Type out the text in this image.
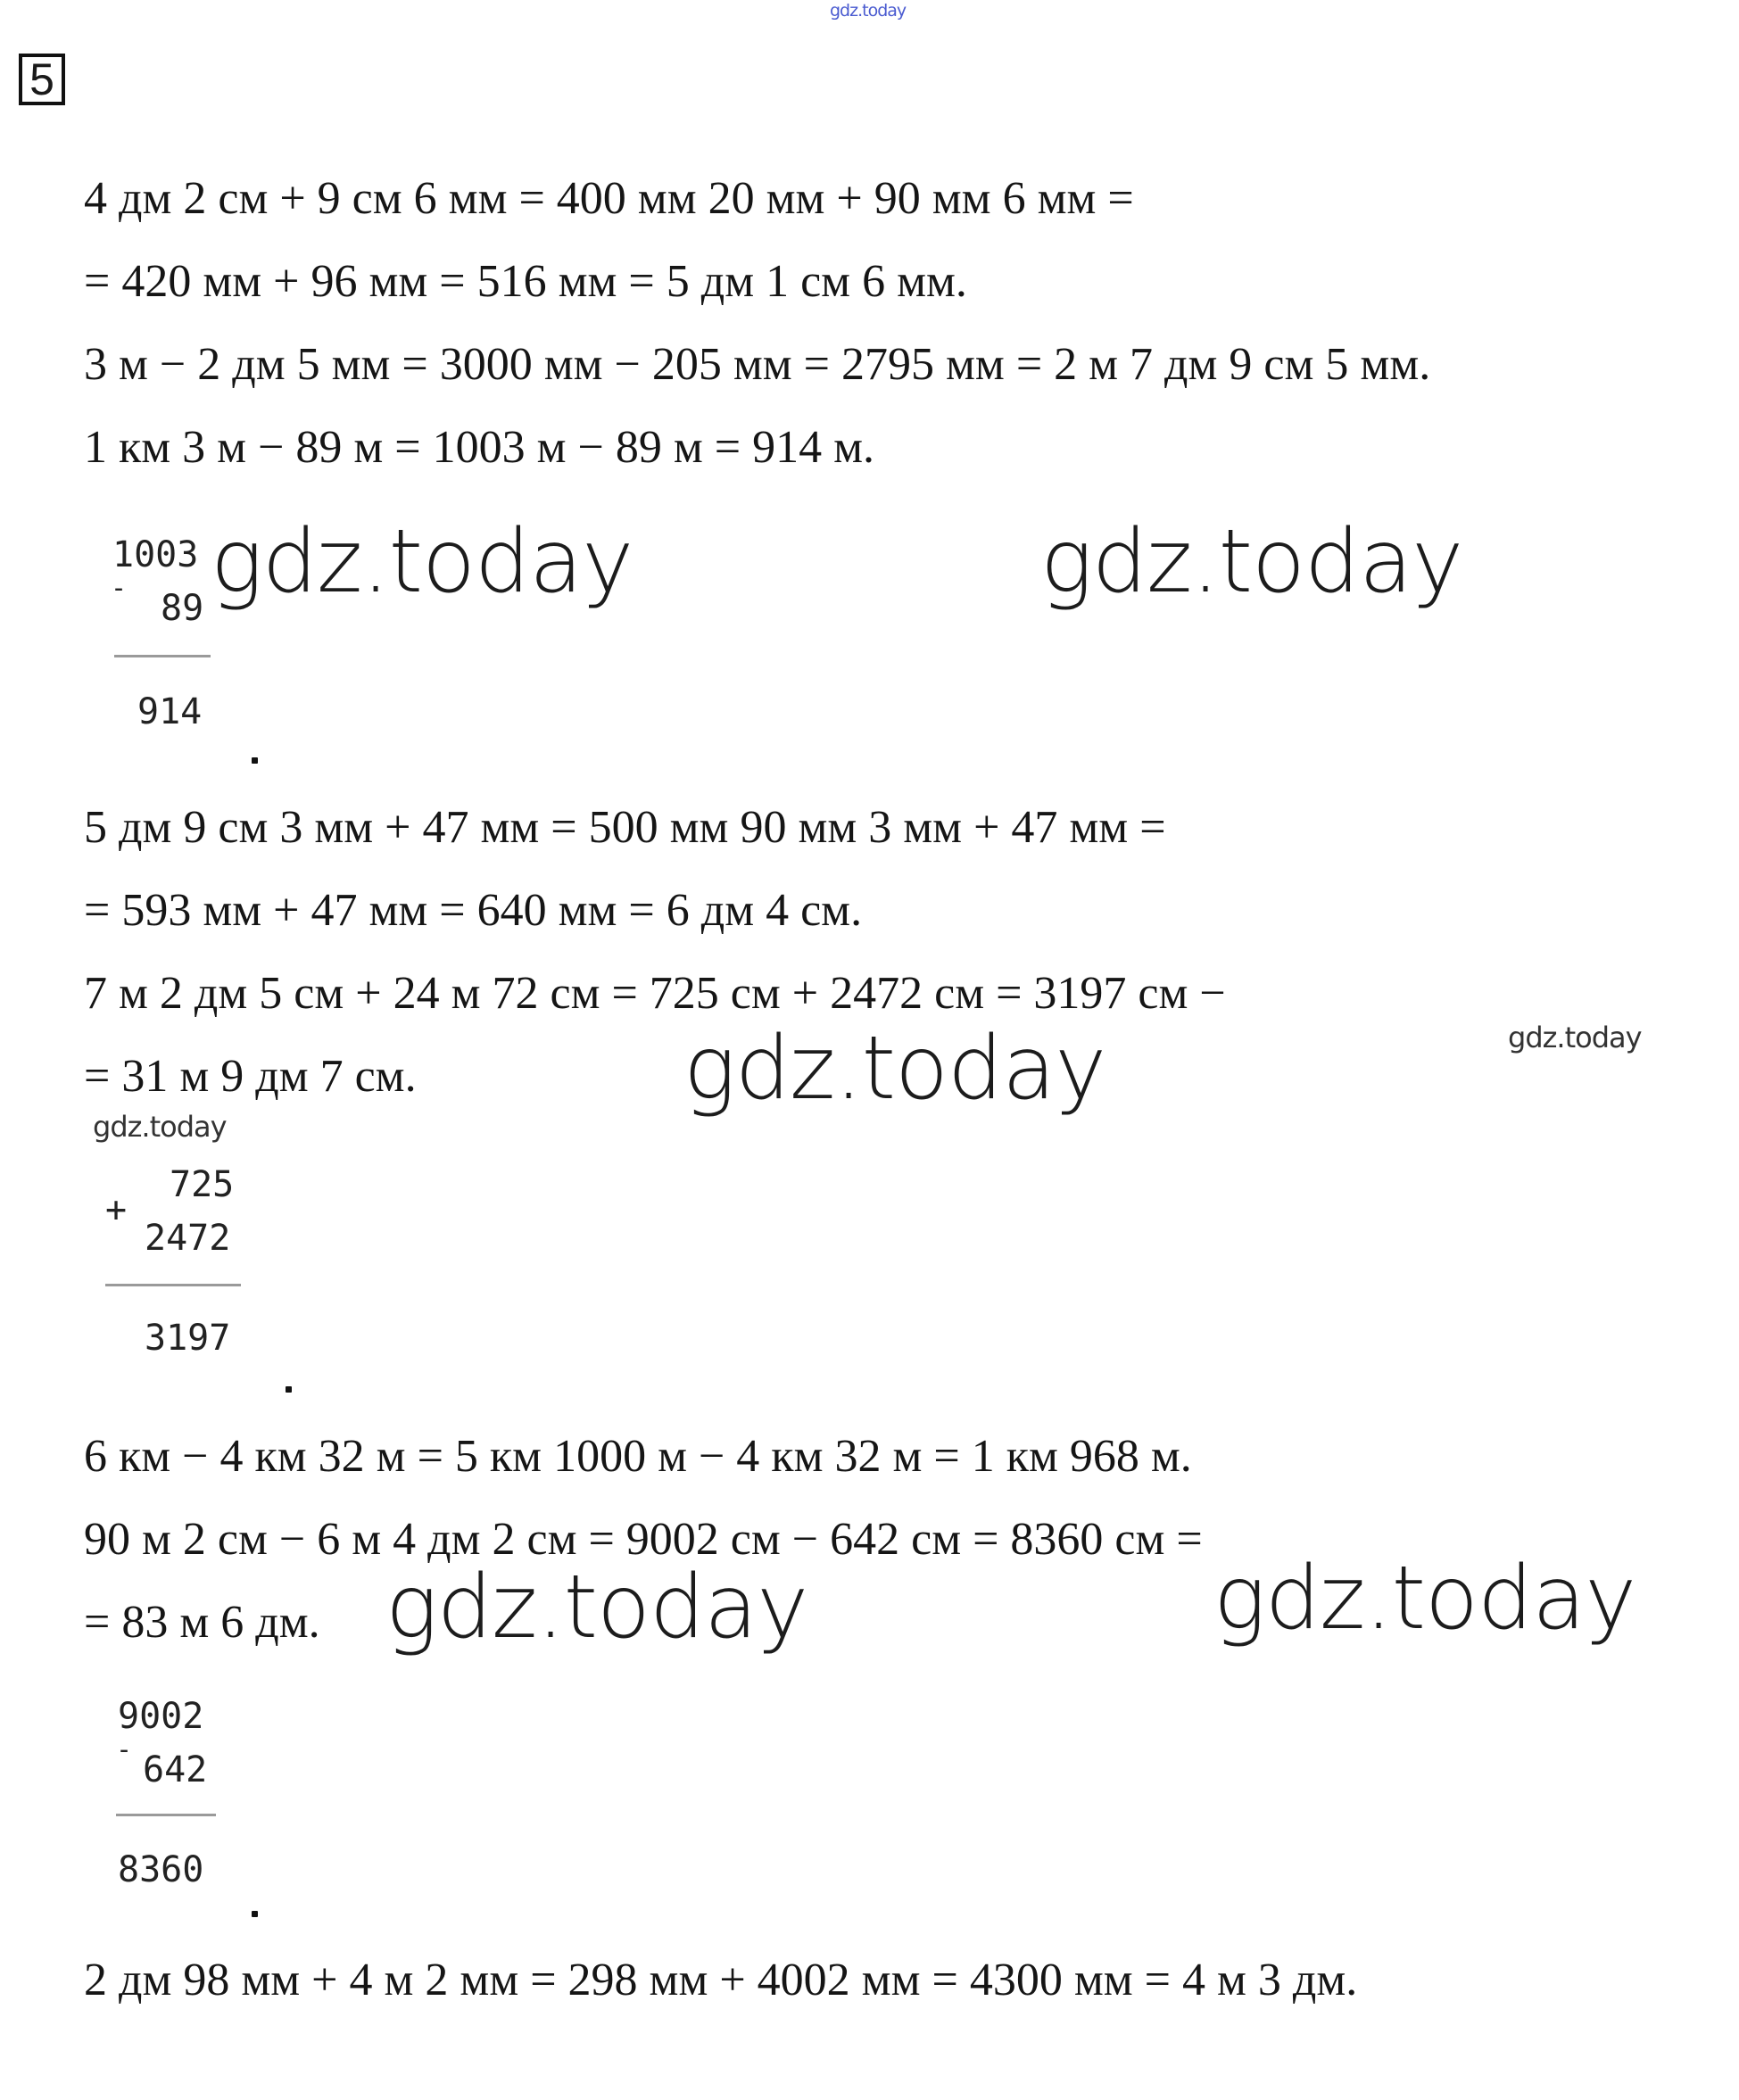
gdz.today
5
4 дм 2 см + 9 см 6 мм = 400 мм 20 мм + 90 мм 6 мм =
= 420 мм + 96 мм = 516 мм = 5 дм 1 см 6 мм.
3 м − 2 дм 5 мм = 3000 мм − 205 мм = 2795 мм = 2 м 7 дм 9 см 5 мм.
1 км 3 м − 89 м = 1003 м − 89 м = 914 м.
5 дм 9 см 3 мм + 47 мм = 500 мм 90 мм 3 мм + 47 мм =
= 593 мм + 47 мм = 640 мм = 6 дм 4 см.
7 м 2 дм 5 см + 24 м 72 см = 725 см + 2472 см = 3197 см −
= 31 м 9 дм 7 см.
6 км − 4 км 32 м = 5 км 1000 м − 4 км 32 м = 1 км 968 м.
90 м 2 см − 6 м 4 дм 2 см = 9002 см − 642 см = 8360 см =
= 83 м 6 дм.
2 дм 98 мм + 4 м 2 мм = 298 мм + 4002 мм = 4300 мм = 4 м 3 дм.
1003
- 89
914
725
+
2472
3197
9002
- 642
8360
gdz.today	gdz.today
gdz.today	gdz.today
gdz.today
gdz.today	gdz.today
